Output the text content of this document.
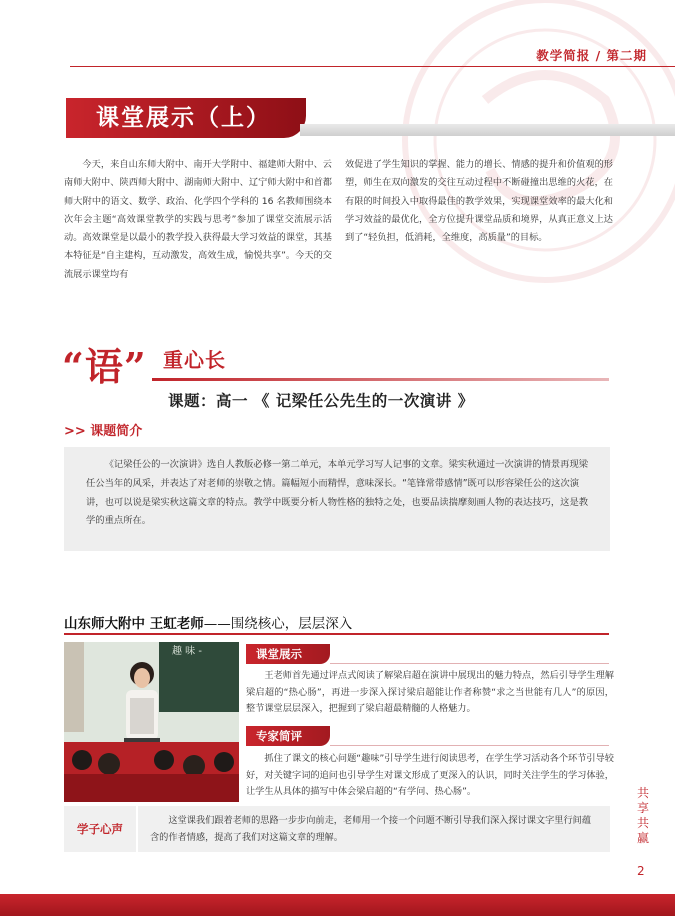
教学简报 / 第二期
课堂展示（上）

今天，来自山东师大附中、南开大学附中、福建师大附中、云南师大附中、陕西师大附中、湖南师大附中、辽宁师大附中和首都师大附中的语文、数学、政治、化学四个学科的 16 名教师围绕本次年会主题“高效课堂教学的实践与思考”参加了课堂交流展示活动。高效课堂是以最小的教学投入获得最大学习效益的课堂，其基本特征是“自主建构，互动激发，高效生成，愉悦共享”。今天的交流展示课堂均有

效促进了学生知识的掌握、能力的增长、情感的提升和价值观的形塑，师生在双向激发的交往互动过程中不断碰撞出思维的火花，在有限的时间投入中取得最佳的教学效果，实现课堂效率的最大化和学习效益的最优化，全方位提升课堂品质和境界，从真正意义上达到了“轻负担，低消耗，全维度，高质量”的目标。

“语” 重心长
课题：高一 《 记梁任公先生的一次演讲 》
>> 课题简介
《记梁任公的一次演讲》选自人教版必修一第二单元，本单元学习写人记事的文章。梁实秋通过一次演讲的情景再现梁任公当年的风采，并表达了对老师的崇敬之情。篇幅短小而精悍，意味深长。“笔锋常带感情”既可以形容梁任公的这次演讲，也可以说是梁实秋这篇文章的特点。教学中既要分析人物性格的独特之处，也要品读揣摩刻画人物的表达技巧，这是教学的重点所在。
山东师大附中 王虹老师——围绕核心，层层深入
趣 味 -	课堂展示

王老师首先通过评点式阅读了解梁启超在演讲中展现出的魅力特点，然后引导学生理解梁启超的“热心肠”，再进一步深入探讨梁启超能让作者称赞“求之当世能有几人”的原因，整节课堂层层深入，把握到了梁启超最精髓的人格魅力。

专家简评

抓住了课文的核心问题“趣味”引导学生进行阅读思考，在学生学习活动各个环节引导较好，对关键字词的追问也引导学生对课文形成了更深入的认识，同时关注学生的学习体验，让学生从具体的描写中体会梁启超的“有学问、热心肠”。

学子心声
这堂课我们跟着老师的思路一步步向前走，老师用一个接一个问题不断引导我们深入探讨课文字里行间蕴含的作者情感，提高了我们对这篇文章的理解。
共享 共赢
2
